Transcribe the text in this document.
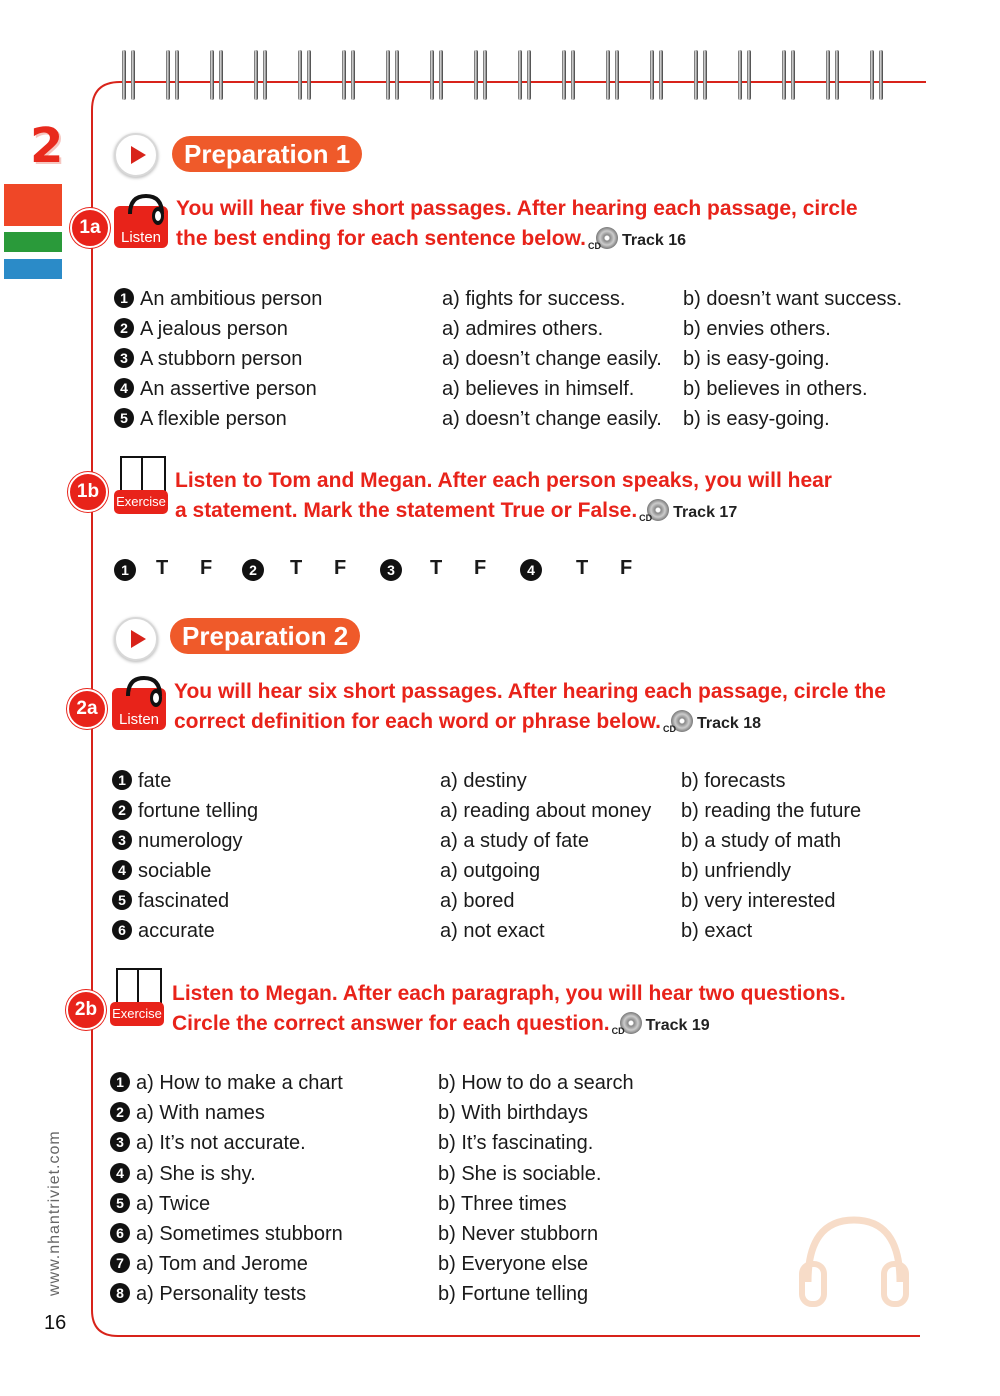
2	Preparation 1
1a	Listen
You will hear five short passages. After hearing each passage, circle
the best ending for each sentence below. CD Track 16
1 An ambitious person	a) fights for success.	b) doesn’t want success.
2 A jealous person	a) admires others.	b) envies others.
3 A stubborn person	a) doesn’t change easily. b) is easy-going.
4 An assertive person	a) believes in himself. b) believes in others.
5 A flexible person	a) doesn’t change easily. b) is easy-going.
1b	Exercise
Listen to Tom and Megan. After each person speaks, you will hear
a statement. Mark the statement True or False. CD Track 17
1	T F	2	T F	3	T F	4	T F
Preparation 2
2a
Listen
You will hear six short passages. After hearing each passage, circle the
correct definition for each word or phrase below. CD Track 18
1 fate	a) destiny	b) forecasts
2 fortune telling	a) reading about money b) reading the future
3 numerology	a) a study of fate	b) a study of math
4 sociable	a) outgoing	b) unfriendly
5 fascinated	a) bored	b) very interested
6 accurate	a) not exact	b) exact
2b	Exercise
Listen to Megan. After each paragraph, you will hear two questions.
Circle the correct answer for each question. CD Track 19
1 a) How to make a chart	b) How to do a search
2 a) With names	b) With birthdays
3 a) It’s not accurate.	b) It’s fascinating.
4 a) She is shy.	b) She is sociable.
5 a) Twice	b) Three times
6 a) Sometimes stubborn	b) Never stubborn
7 a) Tom and Jerome	b) Everyone else
8 a) Personality tests	b) Fortune telling
www.nhantriviet.com
16
